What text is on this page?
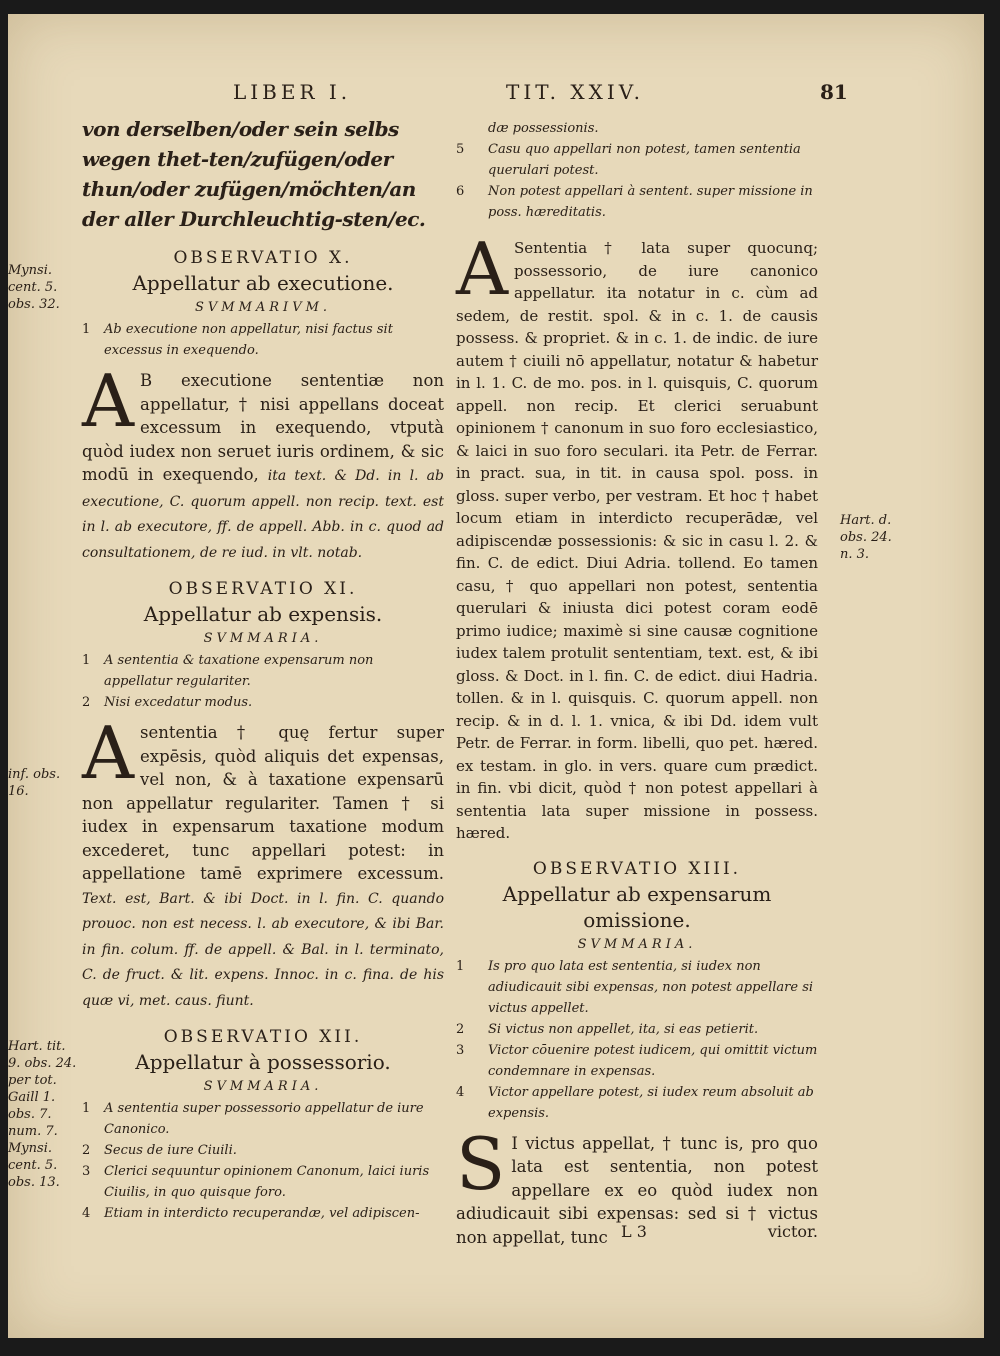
LIBER I.	TIT. XXIV.	81

von derselben/oder sein selbs wegen thet-ten/zufügen/oder thun/oder zufügen/möchten/an der aller Durchleuchtig-sten/ec.

OBSERVATIO X.
Appellatur ab executione.
SVMMARIVM.

1 Ab executione non appellatur, nisi factus sit excessus in exequendo.

A B executione sententiæ non appellatur, † nisi appellans doceat excessum in exequendo, vtputà quòd iudex non seruet iuris ordinem, & sic modū in exequendo, ita text. & Dd. in l. ab executione, C. quorum appell. non recip. text. est in l. ab executore, ff. de appell. Abb. in c. quod ad consultationem, de re iud. in vlt. notab.

OBSERVATIO XI.
Appellatur ab expensis.
SVMMARIA.

1 A sententia & taxatione expensarum non appellatur regulariter.

2 Nisi excedatur modus.

Asententia † quę fertur super expēsis, quòd aliquis det expensas, vel non, & à taxatione expensarū non appellatur regulariter. Tamen † si iudex in expensarum taxatione modum excederet, tunc appellari potest: in appellatione tamē exprimere excessum. Text. est, Bart. & ibi Doct. in l. fin. C. quando prouoc. non est necess. l. ab executore, & ibi Bar. in fin. colum. ff. de appell. & Bal. in l. terminato, C. de fruct. & lit. expens. Innoc. in c. fina. de his quæ vi, met. caus. fiunt.

OBSERVATIO XII.
Appellatur à possessorio.
SVMMARIA.

1 A sententia super possessorio appellatur de iure Canonico.

2 Secus de iure Ciuili.

3 Clerici sequuntur opinionem Canonum, laici iuris Ciuilis, in quo quisque foro.

4 Etiam in interdicto recuperandæ, vel adipiscen-

dæ possessionis.

5 Casu quo appellari non potest, tamen sententia querulari potest.

6 Non potest appellari à sentent. super missione in poss. hæreditatis.

A Sententia † lata super quocunq; possessorio, de iure canonico appellatur. ita notatur in c. cùm ad sedem, de restit. spol. & in c. 1. de causis possess. & propriet. & in c. 1. de indic. de iure autem † ciuili nō appellatur, notatur & habetur in l. 1. C. de mo. pos. in l. quisquis, C. quorum appell. non recip. Et clerici seruabunt opinionem † canonum in suo foro ecclesiastico, & laici in suo foro seculari. ita Petr. de Ferrar. in pract. sua, in tit. in causa spol. poss. in gloss. super verbo, per vestram. Et hoc † habet locum etiam in interdicto recuperādæ, vel adipiscendæ possessionis: & sic in casu l. 2. & fin. C. de edict. Diui Adria. tollend. Eo tamen casu, † quo appellari non potest, sententia querulari & iniusta dici potest coram eodē primo iudice; maximè si sine causæ cognitione iudex talem protulit sententiam, text. est, & ibi gloss. & Doct. in l. fin. C. de edict. diui Hadria. tollen. & in l. quisquis. C. quorum appell. non recip. & in d. l. 1. vnica, & ibi Dd. idem vult Petr. de Ferrar. in form. libelli, quo pet. hæred. ex testam. in glo. in vers. quare cum prædict. in fin. vbi dicit, quòd † non potest appellari à sententia lata super missione in possess. hæred.

OBSERVATIO XIII.
Appellatur ab expensarum omissione.
SVMMARIA.

1 Is pro quo lata est sententia, si iudex non adiudicauit sibi expensas, non potest appellare si victus appellet.

2 Si victus non appellet, ita, si eas petierit.

3 Victor cōuenire potest iudicem, qui omittit victum condemnare in expensas.

4 Victor appellare potest, si iudex reum absoluit ab expensis.

S I victus appellat, † tunc is, pro quo lata est sententia, non potest appellare ex eo quòd iudex non adiudicauit sibi expensas: sed si † victus non appellat, tunc L 3	victor.
Mynsi. cent. 5. obs. 32.
inf. obs. 16.
Hart. tit. 9. obs. 24. per tot. Gaill 1. obs. 7. num. 7. Mynsi. cent. 5. obs. 13.
Hart. d. obs. 24. n. 3.
